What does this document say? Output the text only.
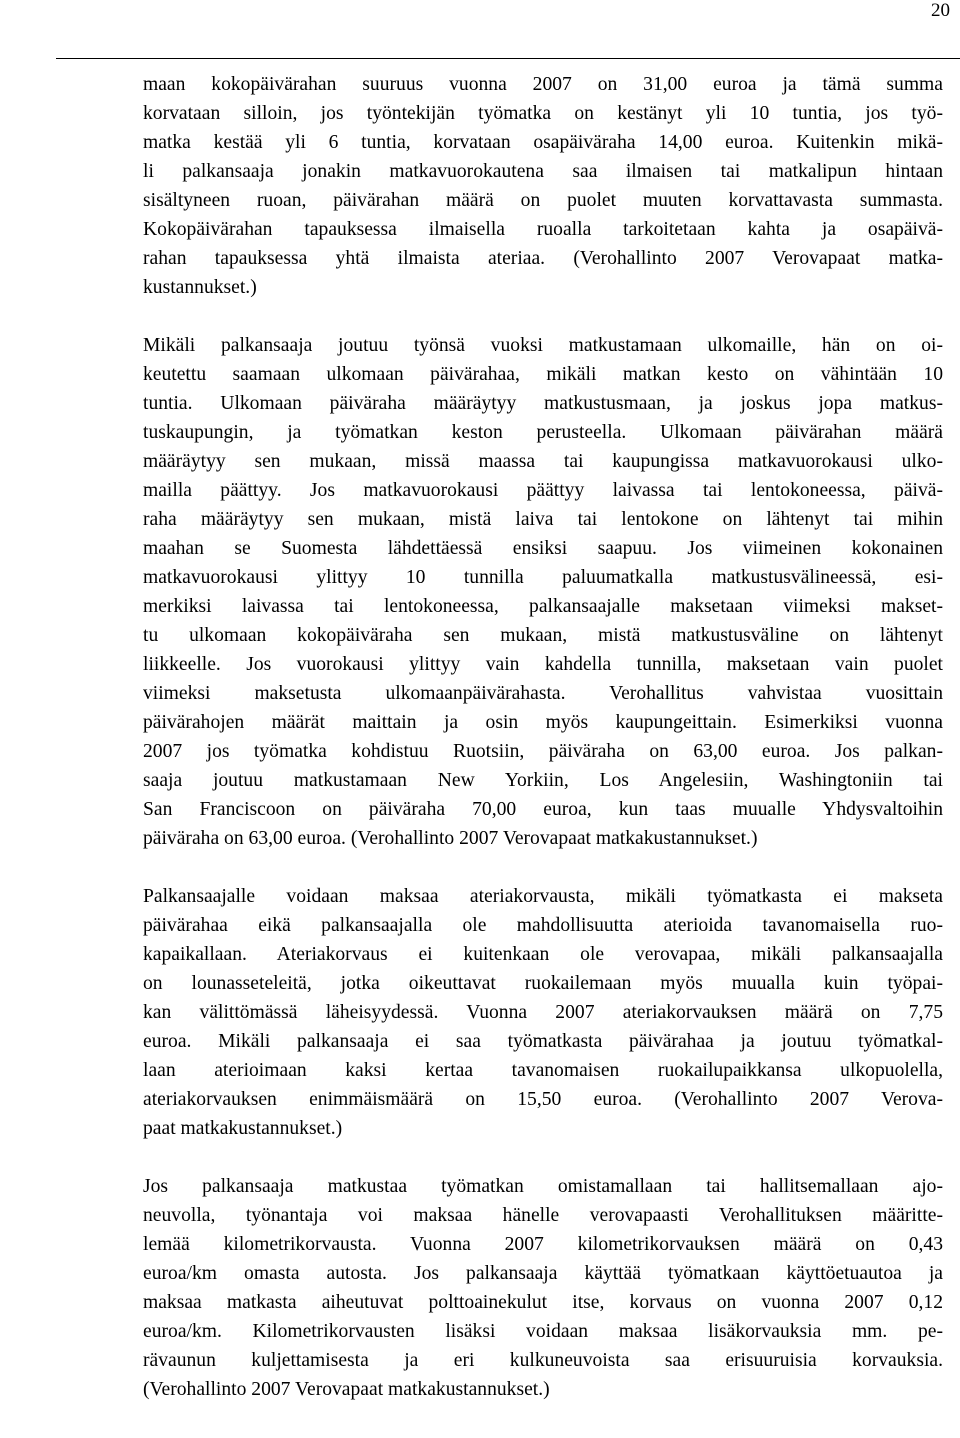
20
maan kokopäivärahan suuruus vuonna 2007 on 31,00 euroa ja tämä summa
korvataan silloin, jos työntekijän työmatka on kestänyt yli 10 tuntia, jos työ-
matka kestää yli 6 tuntia, korvataan osapäiväraha 14,00 euroa. Kuitenkin mikä-
li palkansaaja jonakin matkavuorokautena saa ilmaisen tai matkalipun hintaan
sisältyneen ruoan, päivärahan määrä on puolet muuten korvattavasta summasta.
Kokopäivärahan tapauksessa ilmaisella ruoalla tarkoitetaan kahta ja osapäivä-
rahan tapauksessa yhtä ilmaista ateriaa. (Verohallinto 2007 Verovapaat matka-
kustannukset.)
Mikäli palkansaaja joutuu työnsä vuoksi matkustamaan ulkomaille, hän on oi-
keutettu saamaan ulkomaan päivärahaa, mikäli matkan kesto on vähintään 10
tuntia. Ulkomaan päiväraha määräytyy matkustusmaan, ja joskus jopa matkus-
tuskaupungin, ja työmatkan keston perusteella. Ulkomaan päivärahan määrä
määräytyy sen mukaan, missä maassa tai kaupungissa matkavuorokausi ulko-
mailla päättyy. Jos matkavuorokausi päättyy laivassa tai lentokoneessa, päivä-
raha määräytyy sen mukaan, mistä laiva tai lentokone on lähtenyt tai mihin
maahan se Suomesta lähdettäessä ensiksi saapuu. Jos viimeinen kokonainen
matkavuorokausi ylittyy 10 tunnilla paluumatkalla matkustusvälineessä, esi-
merkiksi laivassa tai lentokoneessa, palkansaajalle maksetaan viimeksi makset-
tu ulkomaan kokopäiväraha sen mukaan, mistä matkustusväline on lähtenyt
liikkeelle. Jos vuorokausi ylittyy vain kahdella tunnilla, maksetaan vain puolet
viimeksi maksetusta ulkomaanpäivärahasta. Verohallitus vahvistaa vuosittain
päivärahojen määrät maittain ja osin myös kaupungeittain. Esimerkiksi vuonna
2007 jos työmatka kohdistuu Ruotsiin, päiväraha on 63,00 euroa. Jos palkan-
saaja joutuu matkustamaan New Yorkiin, Los Angelesiin, Washingtoniin tai
San Franciscoon on päiväraha 70,00 euroa, kun taas muualle Yhdysvaltoihin
päiväraha on 63,00 euroa. (Verohallinto 2007 Verovapaat matkakustannukset.)
Palkansaajalle voidaan maksaa ateriakorvausta, mikäli työmatkasta ei makseta
päivärahaa eikä palkansaajalla ole mahdollisuutta aterioida tavanomaisella ruo-
kapaikallaan. Ateriakorvaus ei kuitenkaan ole verovapaa, mikäli palkansaajalla
on lounasseteleitä, jotka oikeuttavat ruokailemaan myös muualla kuin työpai-
kan välittömässä läheisyydessä. Vuonna 2007 ateriakorvauksen määrä on 7,75
euroa. Mikäli palkansaaja ei saa työmatkasta päivärahaa ja joutuu työmatkal-
laan aterioimaan kaksi kertaa tavanomaisen ruokailupaikkansa ulkopuolella,
ateriakorvauksen enimmäismäärä on 15,50 euroa. (Verohallinto 2007 Verova-
paat matkakustannukset.)
Jos palkansaaja matkustaa työmatkan omistamallaan tai hallitsemallaan ajo-
neuvolla, työnantaja voi maksaa hänelle verovapaasti Verohallituksen määritte-
lemää kilometrikorvausta. Vuonna 2007 kilometrikorvauksen määrä on 0,43
euroa/km omasta autosta. Jos palkansaaja käyttää työmatkaan käyttöetuautoa ja
maksaa matkasta aiheutuvat polttoainekulut itse, korvaus on vuonna 2007 0,12
euroa/km. Kilometrikorvausten lisäksi voidaan maksaa lisäkorvauksia mm. pe-
rävaunun kuljettamisesta ja eri kulkuneuvoista saa erisuuruisia korvauksia.
(Verohallinto 2007 Verovapaat matkakustannukset.)
